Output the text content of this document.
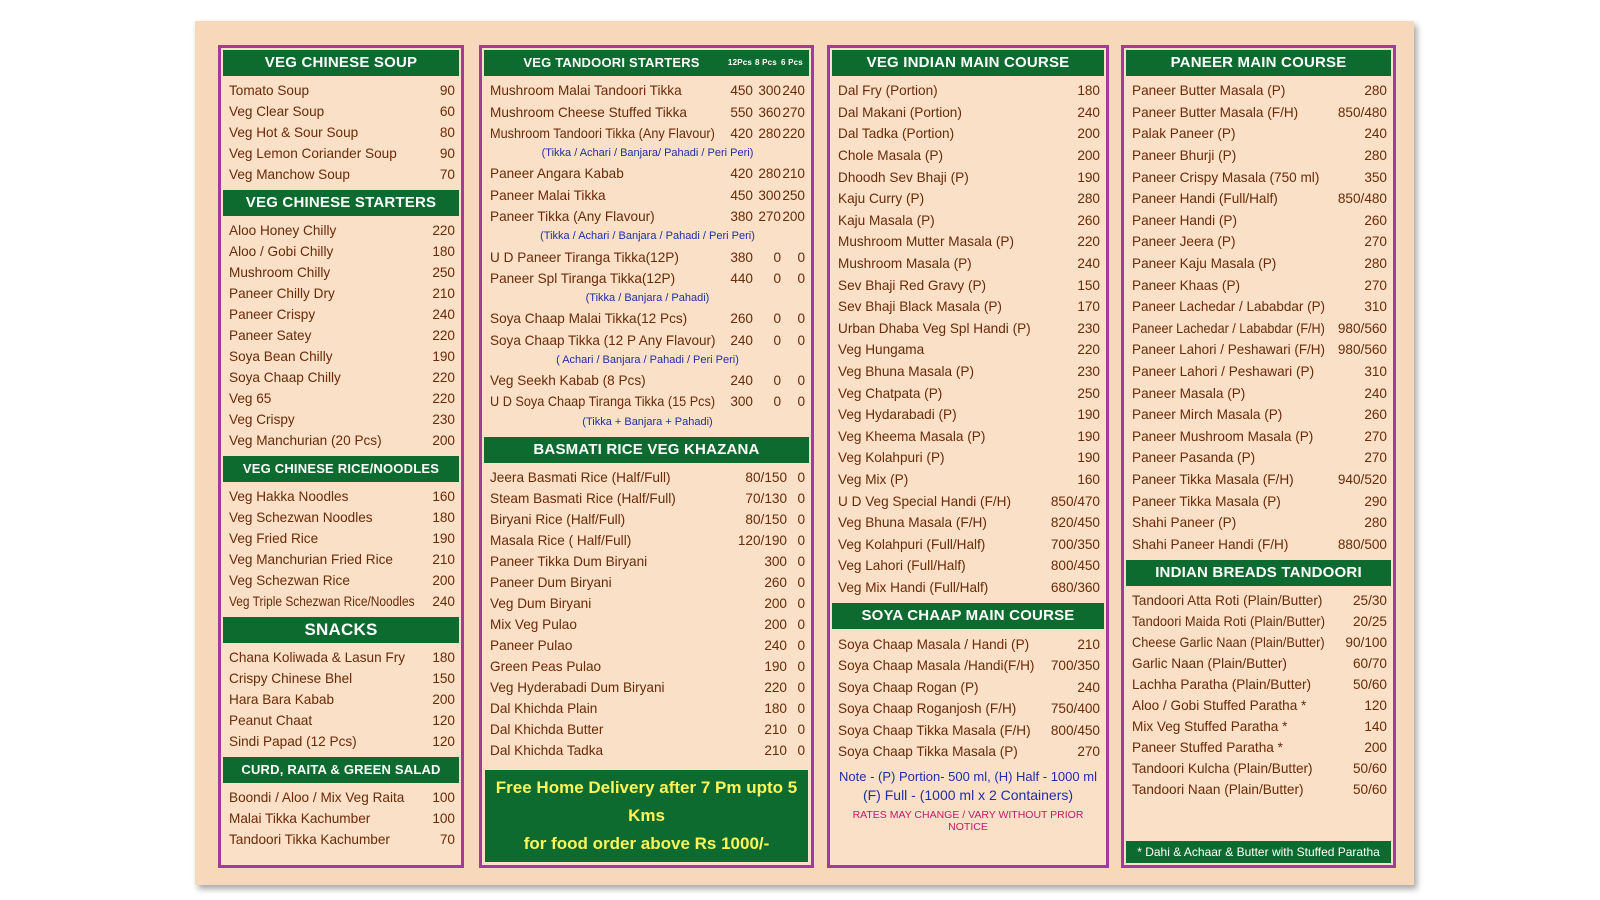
VEG CHINESE SOUP
Tomato Soup	90
Veg Clear Soup	60
Veg Hot & Sour Soup	80
Veg Lemon Coriander Soup	90
Veg Manchow Soup	70
VEG CHINESE STARTERS
Aloo Honey Chilly	220
Aloo / Gobi Chilly	180
Mushroom Chilly	250
Paneer Chilly Dry	210
Paneer Crispy	240
Paneer Satey	220
Soya Bean Chilly	190
Soya Chaap Chilly	220
Veg 65	220
Veg Crispy	230
Veg Manchurian (20 Pcs)	200
VEG CHINESE RICE/NOODLES
Veg Hakka Noodles	160
Veg Schezwan Noodles	180
Veg Fried Rice	190
Veg Manchurian Fried Rice	210
Veg Schezwan Rice	200
Veg Triple Schezwan Rice/Noodles	240
SNACKS
Chana Koliwada & Lasun Fry	180
Crispy Chinese Bhel	150
Hara Bara Kabab	200
Peanut Chaat	120
Sindi Papad (12 Pcs)	120
CURD, RAITA & GREEN SALAD
Boondi / Aloo / Mix Veg Raita	100
Malai Tikka Kachumber	100
Tandoori Tikka Kachumber	70
VEG TANDOORI STARTERS	12Pcs 8 Pcs 6 Pcs
Mushroom Malai Tandoori Tikka	450 300 240
Mushroom Cheese Stuffed Tikka	550 360 270
Mushroom Tandoori Tikka (Any Flavour)	420 280 220
(Tikka / Achari / Banjara/ Pahadi / Peri Peri)
Paneer Angara Kabab	420 280 210
Paneer Malai Tikka	450 300 250
Paneer Tikka (Any Flavour)	380 270 200
(Tikka / Achari / Banjara / Pahadi / Peri Peri)
U D Paneer Tiranga Tikka(12P)	380	0	0
Paneer Spl Tiranga Tikka(12P)	440	0	0
(Tikka / Banjara / Pahadi)
Soya Chaap Malai Tikka(12 Pcs)	260	0	0
Soya Chaap Tikka (12 P Any Flavour)	240	0	0
( Achari / Banjara / Pahadi / Peri Peri)
Veg Seekh Kabab (8 Pcs)	240	0	0
U D Soya Chaap Tiranga Tikka (15 Pcs)	300	0	0
(Tikka + Banjara + Pahadi)
BASMATI RICE VEG KHAZANA
Jeera Basmati Rice (Half/Full)	80/150 0
Steam Basmati Rice (Half/Full)	70/130 0
Biryani Rice (Half/Full)	80/150 0
Masala Rice ( Half/Full)	120/190 0
Paneer Tikka Dum Biryani	300 0
Paneer Dum Biryani	260 0
Veg Dum Biryani	200 0
Mix Veg Pulao	200 0
Paneer Pulao	240 0
Green Peas Pulao	190 0
Veg Hyderabadi Dum Biryani	220 0
Dal Khichda Plain	180 0
Dal Khichda Butter	210 0
Dal Khichda Tadka	210 0
Free Home Delivery after 7 Pm upto 5 Kms
for food order above Rs 1000/-
VEG INDIAN MAIN COURSE
Dal Fry (Portion)	180
Dal Makani (Portion)	240
Dal Tadka (Portion)	200
Chole Masala (P)	200
Dhoodh Sev Bhaji (P)	190
Kaju Curry (P)	280
Kaju Masala (P)	260
Mushroom Mutter Masala (P)	220
Mushroom Masala (P)	240
Sev Bhaji Red Gravy (P)	150
Sev Bhaji Black Masala (P)	170
Urban Dhaba Veg Spl Handi (P)	230
Veg Hungama	220
Veg Bhuna Masala (P)	230
Veg Chatpata (P)	250
Veg Hydarabadi (P)	190
Veg Kheema Masala (P)	190
Veg Kolahpuri (P)	190
Veg Mix (P)	160
U D Veg Special Handi (F/H)	850/470
Veg Bhuna Masala (F/H)	820/450
Veg Kolahpuri (Full/Half)	700/350
Veg Lahori (Full/Half)	800/450
Veg Mix Handi (Full/Half)	680/360
SOYA CHAAP MAIN COURSE
Soya Chaap Masala / Handi (P)	210
Soya Chaap Masala /Handi(F/H)	700/350
Soya Chaap Rogan (P)	240
Soya Chaap Roganjosh (F/H)	750/400
Soya Chaap Tikka Masala (F/H)	800/450
Soya Chaap Tikka Masala (P)	270
Note - (P) Portion- 500 ml, (H) Half - 1000 ml
(F) Full - (1000 ml x 2 Containers)
RATES MAY CHANGE / VARY WITHOUT PRIOR NOTICE
PANEER MAIN COURSE
Paneer Butter Masala (P)	280
Paneer Butter Masala (F/H)	850/480
Palak Paneer (P)	240
Paneer Bhurji (P)	280
Paneer Crispy Masala (750 ml)	350
Paneer Handi (Full/Half)	850/480
Paneer Handi (P)	260
Paneer Jeera (P)	270
Paneer Kaju Masala (P)	280
Paneer Khaas (P)	270
Paneer Lachedar / Lababdar (P)	310
Paneer Lachedar / Lababdar (F/H) 980/560
Paneer Lahori / Peshawari (F/H) 980/560
Paneer Lahori / Peshawari (P)	310
Paneer Masala (P)	240
Paneer Mirch Masala (P)	260
Paneer Mushroom Masala (P)	270
Paneer Pasanda (P)	270
Paneer Tikka Masala (F/H)	940/520
Paneer Tikka Masala (P)	290
Shahi Paneer (P)	280
Shahi Paneer Handi (F/H)	880/500
INDIAN BREADS TANDOORI
Tandoori Atta Roti (Plain/Butter)	25/30
Tandoori Maida Roti (Plain/Butter)	20/25
Cheese Garlic Naan (Plain/Butter)	90/100
Garlic Naan (Plain/Butter)	60/70
Lachha Paratha (Plain/Butter)	50/60
Aloo / Gobi Stuffed Paratha *	120
Mix Veg Stuffed Paratha *	140
Paneer Stuffed Paratha *	200
Tandoori Kulcha (Plain/Butter)	50/60
Tandoori Naan (Plain/Butter)	50/60
* Dahi & Achaar & Butter with Stuffed Paratha
